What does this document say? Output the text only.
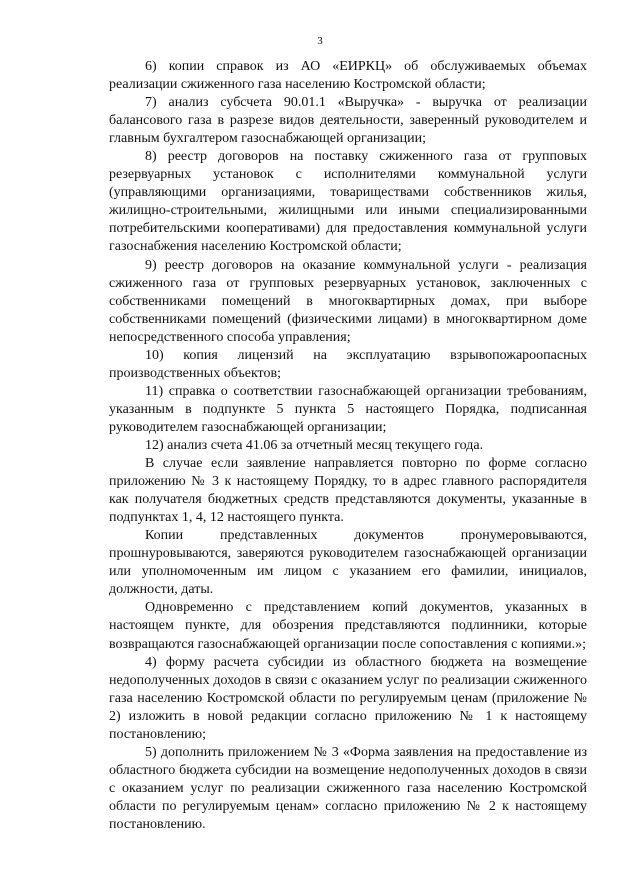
3

6) копии справок из АО «ЕИРКЦ» об обслуживаемых объемах реализации сжиженного газа населению Костромской области;

7) анализ субсчета 90.01.1 «Выручка» - выручка от реализации балансового газа в разрезе видов деятельности, заверенный руководителем и главным бухгалтером газоснабжающей организации;

8) реестр договоров на поставку сжиженного газа от групповых резервуарных установок с исполнителями коммунальной услуги (управляющими организациями, товариществами собственников жилья, жилищно-строительными, жилищными или иными специализированными потребительскими кооперативами) для предоставления коммунальной услуги газоснабжения населению Костромской области;

9) реестр договоров на оказание коммунальной услуги - реализация сжиженного газа от групповых резервуарных установок, заключенных с собственниками помещений в многоквартирных домах, при выборе собственниками помещений (физическими лицами) в многоквартирном доме непосредственного способа управления;

10) копия лицензий на эксплуатацию взрывопожароопасных производственных объектов;

11) справка о соответствии газоснабжающей организации требованиям, указанным в подпункте 5 пункта 5 настоящего Порядка, подписанная руководителем газоснабжающей организации;

12) анализ счета 41.06 за отчетный месяц текущего года.

В случае если заявление направляется повторно по форме согласно приложению № 3 к настоящему Порядку, то в адрес главного распорядителя как получателя бюджетных средств представляются документы, указанные в подпунктах 1, 4, 12 настоящего пункта.

Копии представленных документов пронумеровываются, прошнуровываются, заверяются руководителем газоснабжающей организации или уполномоченным им лицом с указанием его фамилии, инициалов, должности, даты.

Одновременно с представлением копий документов, указанных в настоящем пункте, для обозрения представляются подлинники, которые возвращаются газоснабжающей организации после сопоставления с копиями.»;

4) форму расчета субсидии из областного бюджета на возмещение недополученных доходов в связи с оказанием услуг по реализации сжиженного газа населению Костромской области по регулируемым ценам (приложение № 2) изложить в новой редакции согласно приложению № 1 к настоящему постановлению;

5) дополнить приложением № 3 «Форма заявления на предоставление из областного бюджета субсидии на возмещение недополученных доходов в связи с оказанием услуг по реализации сжиженного газа населению Костромской области по регулируемым ценам» согласно приложению № 2 к настоящему постановлению.
